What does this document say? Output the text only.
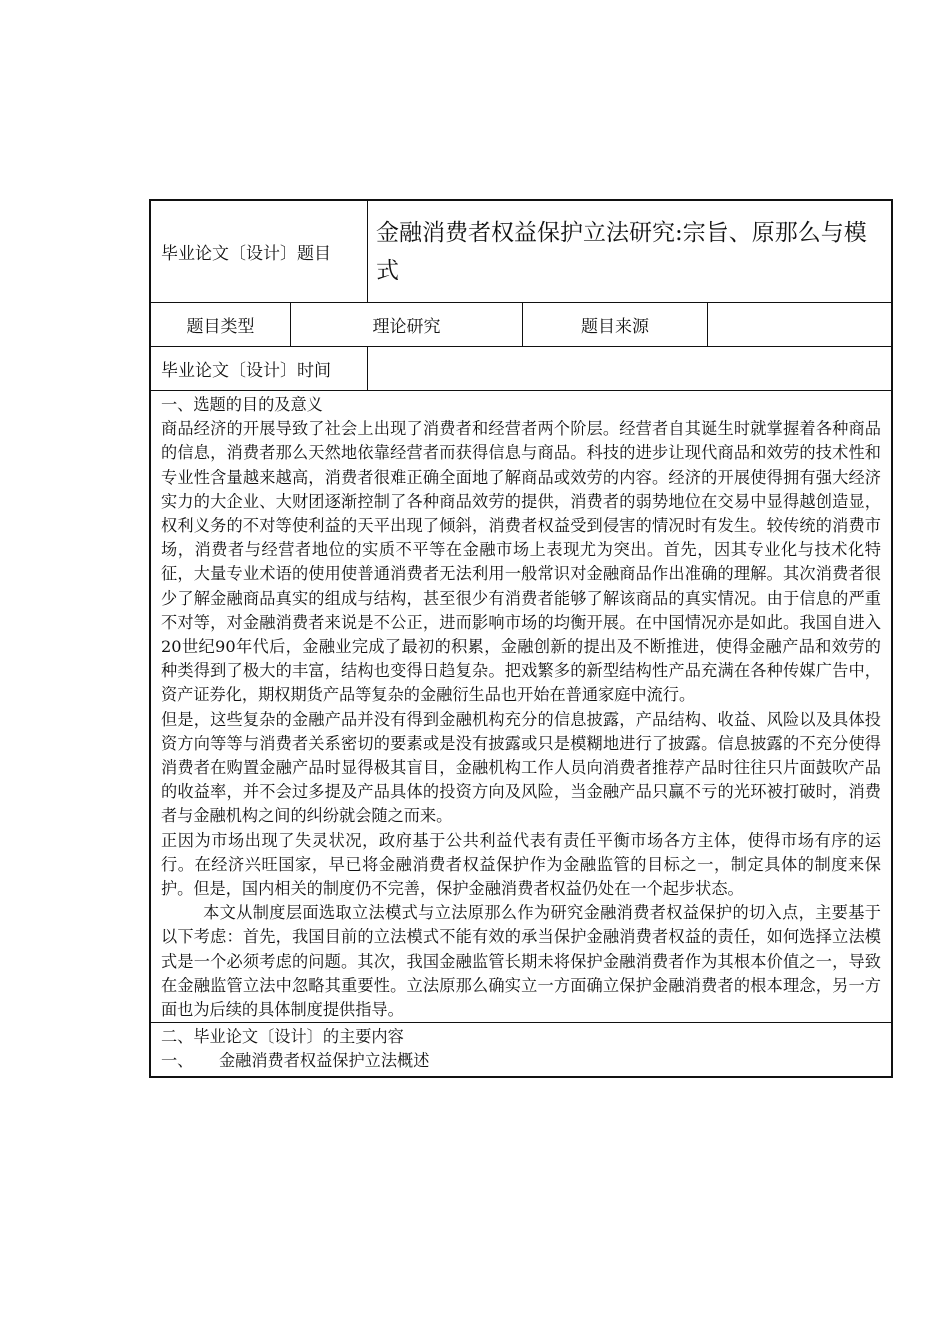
毕业论文〔设计〕题目
金融消费者权益保护立法研究:宗旨、原那么与模式
题目类型	理论研究	题目来源
毕业论文〔设计〕时间

一、选题的目的及意义

商品经济的开展导致了社会上出现了消费者和经营者两个阶层。经营者自其诞生时就掌握着各种商品的信息，消费者那么天然地依靠经营者而获得信息与商品。科技的进步让现代商品和效劳的技术性和专业性含量越来越高，消费者很难正确全面地了解商品或效劳的内容。经济的开展使得拥有强大经济实力的大企业、大财团逐渐控制了各种商品效劳的提供，消费者的弱势地位在交易中显得越创造显，权利义务的不对等使利益的天平出现了倾斜，消费者权益受到侵害的情况时有发生。较传统的消费市场，消费者与经营者地位的实质不平等在金融市场上表现尤为突出。首先，因其专业化与技术化特征，大量专业术语的使用使普通消费者无法利用一般常识对金融商品作出准确的理解。其次消费者很少了解金融商品真实的组成与结构，甚至很少有消费者能够了解该商品的真实情况。由于信息的严重不对等，对金融消费者来说是不公正，进而影响市场的均衡开展。在中国情况亦是如此。我国自进入20世纪90年代后，金融业完成了最初的积累，金融创新的提出及不断推进，使得金融产品和效劳的种类得到了极大的丰富，结构也变得日趋复杂。把戏繁多的新型结构性产品充满在各种传媒广告中，资产证券化，期权期货产品等复杂的金融衍生品也开始在普通家庭中流行。

但是，这些复杂的金融产品并没有得到金融机构充分的信息披露，产品结构、收益、风险以及具体投资方向等等与消费者关系密切的要素或是没有披露或只是模糊地进行了披露。信息披露的不充分使得消费者在购置金融产品时显得极其盲目，金融机构工作人员向消费者推荐产品时往往只片面鼓吹产品的收益率，并不会过多提及产品具体的投资方向及风险，当金融产品只赢不亏的光环被打破时，消费者与金融机构之间的纠纷就会随之而来。

正因为市场出现了失灵状况，政府基于公共利益代表有责任平衡市场各方主体，使得市场有序的运行。在经济兴旺国家，早已将金融消费者权益保护作为金融监管的目标之一，制定具体的制度来保护。但是，国内相关的制度仍不完善，保护金融消费者权益仍处在一个起步状态。

本文从制度层面选取立法模式与立法原那么作为研究金融消费者权益保护的切入点，主要基于以下考虑：首先，我国目前的立法模式不能有效的承当保护金融消费者权益的责任，如何选择立法模式是一个必须考虑的问题。其次，我国金融监管长期未将保护金融消费者作为其根本价值之一，导致在金融监管立法中忽略其重要性。立法原那么确实立一方面确立保护金融消费者的根本理念，另一方面也为后续的具体制度提供指导。

二、毕业论文〔设计〕的主要内容

一、 金融消费者权益保护立法概述
